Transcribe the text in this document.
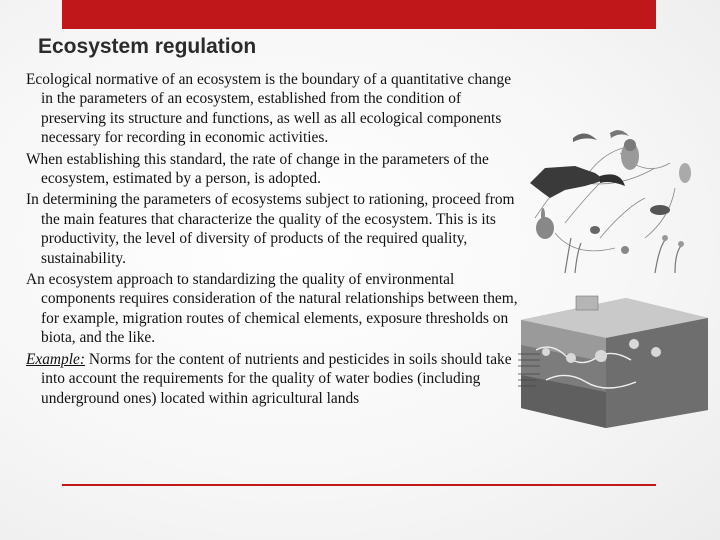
Ecosystem regulation

Ecological normative of an ecosystem is the boundary of a quantitative change in the parameters of an ecosystem, established from the condition of preserving its structure and functions, as well as all ecological components necessary for recording in economic activities.

When establishing this standard, the rate of change in the parameters of the ecosystem, estimated by a person, is adopted.

In determining the parameters of ecosystems subject to rationing, proceed from the main features that characterize the quality of the ecosystem. This is its productivity, the level of diversity of products of the required quality, sustainability.

An ecosystem approach to standardizing the quality of environmental components requires consideration of the natural relationships between them, for example, migration routes of chemical elements, exposure thresholds on biota, and the like.

Example: Norms for the content of nutrients and pesticides in soils should take into account the requirements for the quality of water bodies (including underground ones) located within agricultural lands
